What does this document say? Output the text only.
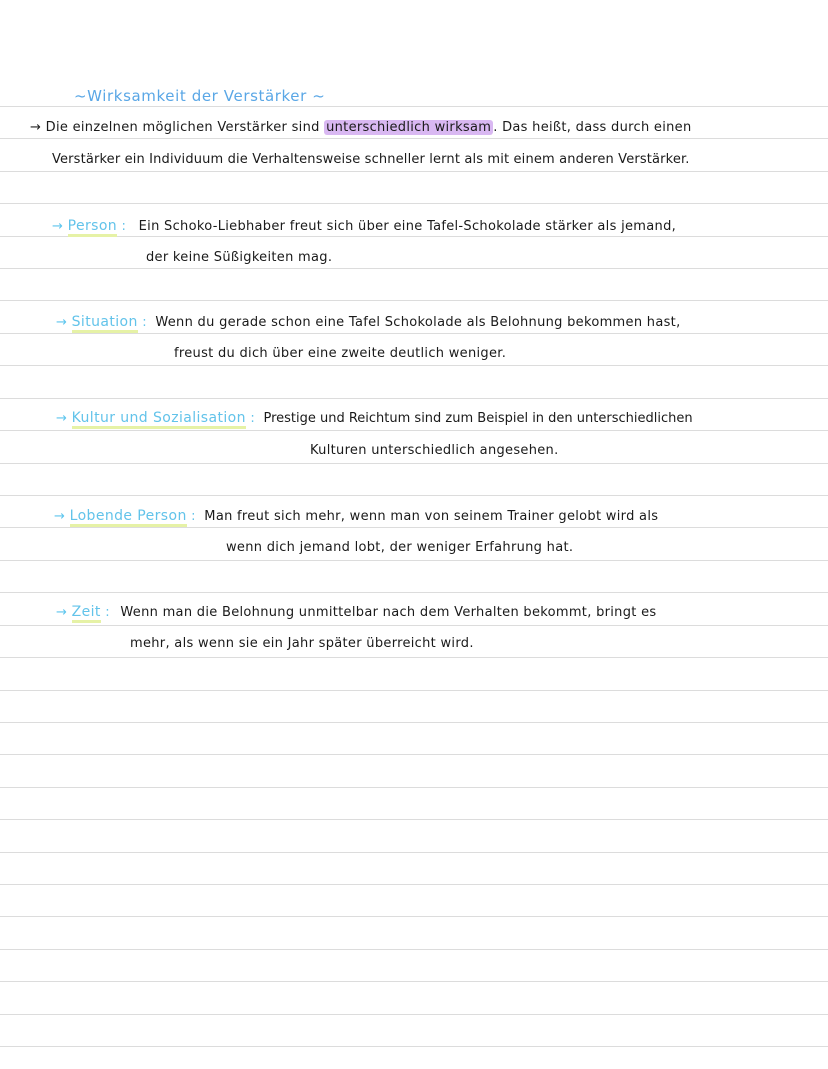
~Wirksamkeit der Verstärker ~
→ Die einzelnen möglichen Verstärker sind unterschiedlich wirksam . Das heißt, dass durch einen
Verstärker ein Individuum die Verhaltensweise schneller lernt als mit einem anderen Verstärker.
→ Person : Ein Schoko-Liebhaber freut sich über eine Tafel-Schokolade stärker als jemand,
der keine Süßigkeiten mag.
→ Situation : Wenn du gerade schon eine Tafel Schokolade als Belohnung bekommen hast,
freust du dich über eine zweite deutlich weniger.
→ Kultur und Sozialisation : Prestige und Reichtum sind zum Beispiel in den unterschiedlichen
Kulturen unterschiedlich angesehen.
→ Lobende Person : Man freut sich mehr, wenn man von seinem Trainer gelobt wird als
wenn dich jemand lobt, der weniger Erfahrung hat.
→ Zeit : Wenn man die Belohnung unmittelbar nach dem Verhalten bekommt, bringt es
mehr, als wenn sie ein Jahr später überreicht wird.
